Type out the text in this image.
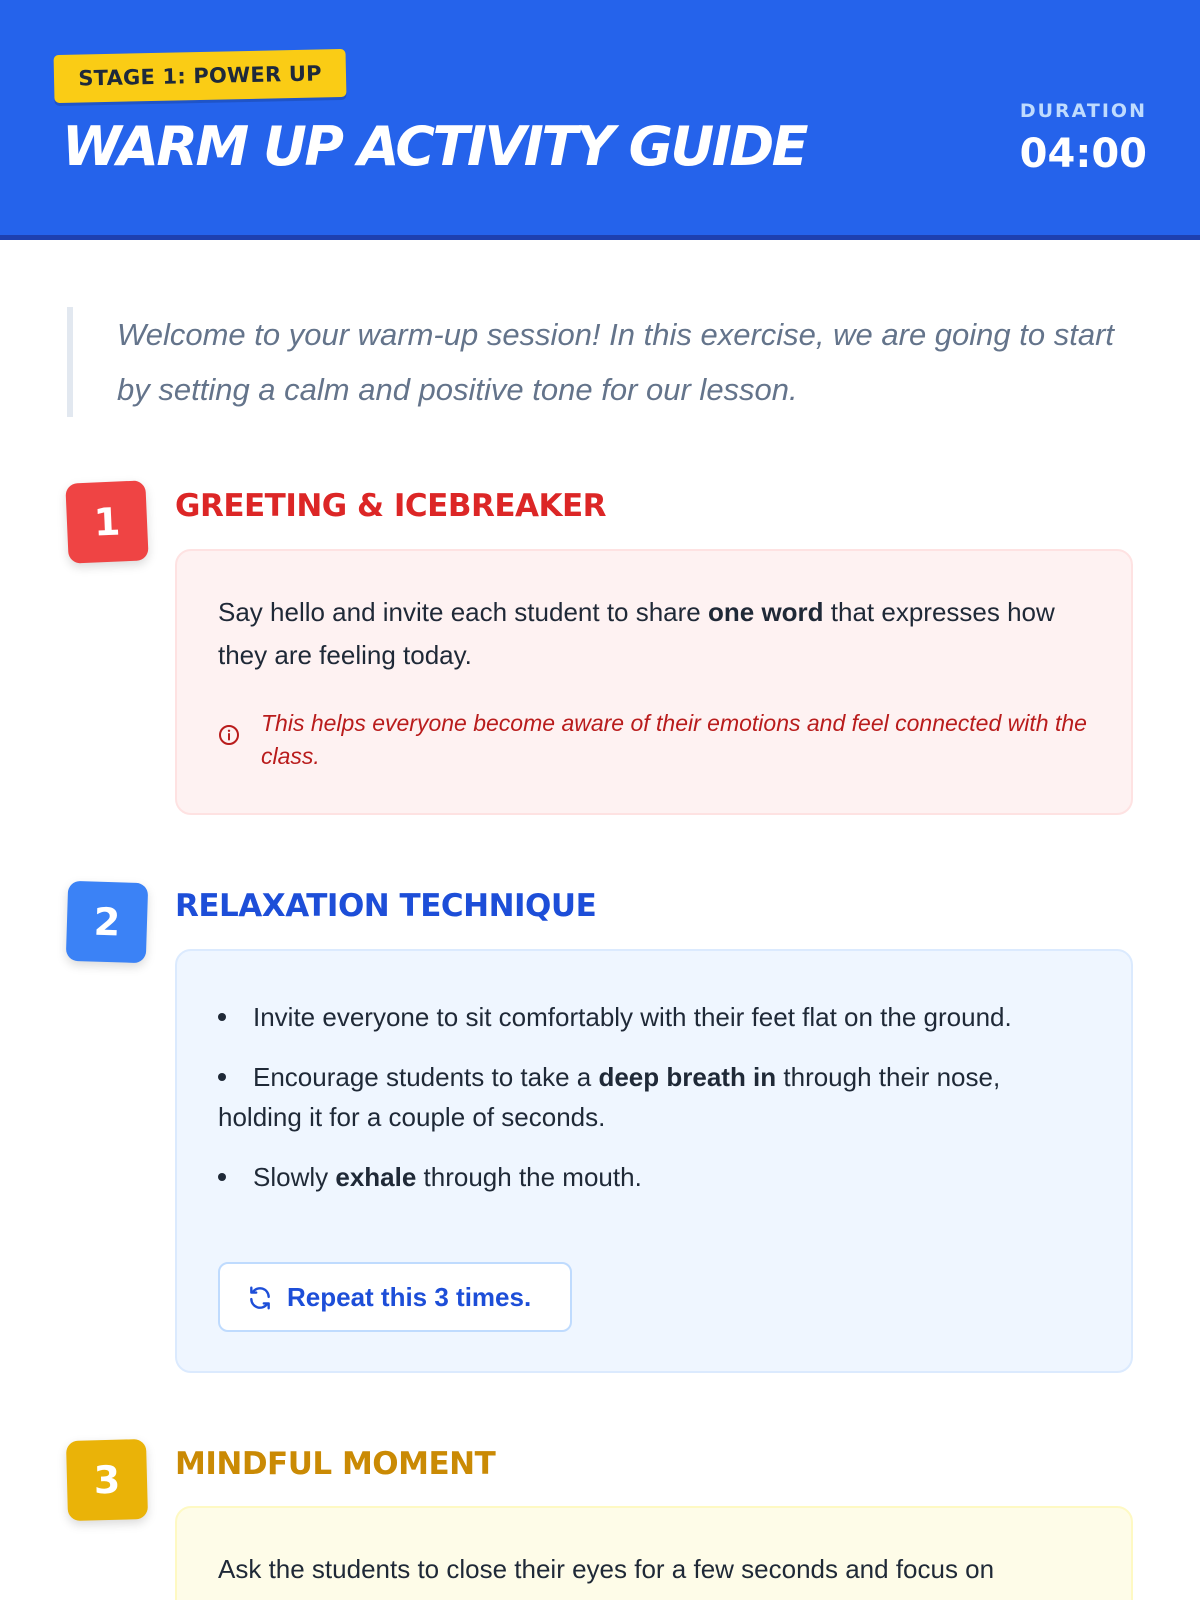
STAGE 1: POWER UP
WARM UP ACTIVITY GUIDE
DURATION
04:00
Welcome to your warm-up session! In this exercise, we are going to start by setting a calm and positive tone for our lesson.
1	GREETING & ICEBREAKER
Say hello and invite each student to share one word that expresses how they are feeling today.
This helps everyone become aware of their emotions and feel connected with the class.
2	RELAXATION TECHNIQUE
Invite everyone to sit comfortably with their feet flat on the ground.
Encourage students to take a deep breath in through their nose, holding it for a couple of seconds.
Slowly exhale through the mouth.
Repeat this 3 times.
3	MINDFUL MOMENT
Ask the students to close their eyes for a few seconds and focus on
